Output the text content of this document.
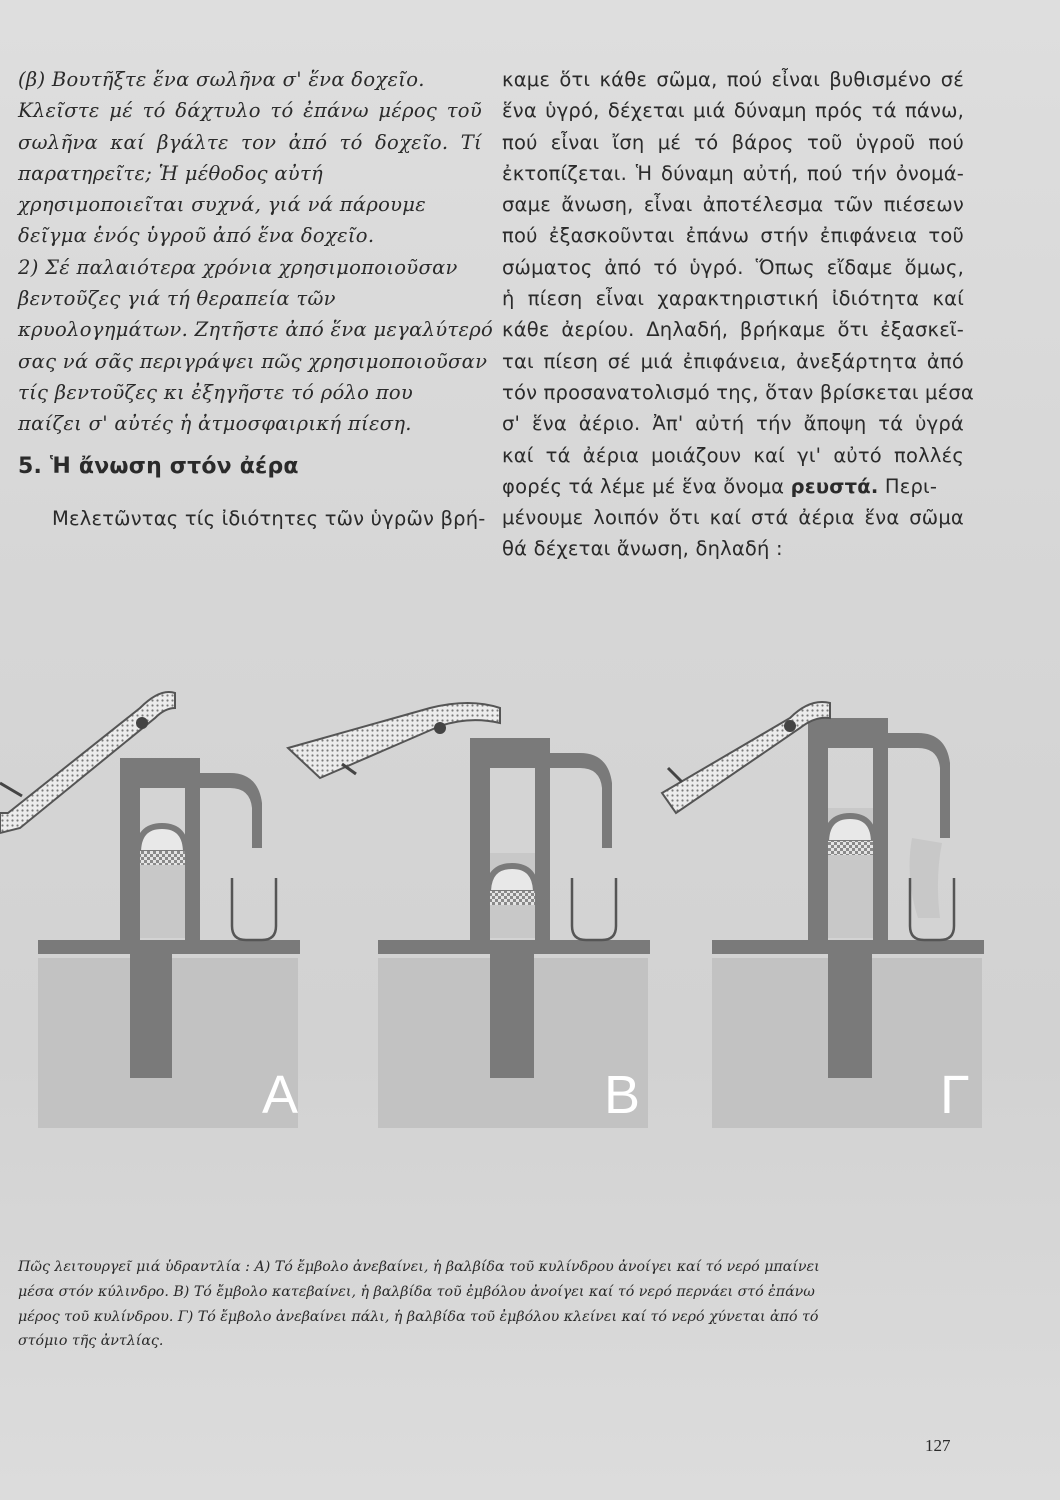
(β) Βουτῆξτε ἕνα σωλῆνα σ' ἕνα δοχεῖο.
Κλεῖστε μέ τό δάχτυλο τό ἐπάνω μέρος τοῦ
σωλῆνα καί βγάλτε τον ἀπό τό δοχεῖο. Τί
παρατηρεῖτε; Ἡ μέθοδος αὐτή
χρησιμοποιεῖται συχνά, γιά νά πάρουμε
δεῖγμα ἑνός ὑγροῦ ἀπό ἕνα δοχεῖο.
2) Σέ παλαιότερα χρόνια χρησιμοποιοῦσαν
βεντοῦζες γιά τή θεραπεία τῶν
κρυολογημάτων. Ζητῆστε ἀπό ἕνα μεγαλύτερό
σας νά σᾶς περιγράψει πῶς χρησιμοποιοῦσαν
τίς βεντοῦζες κι ἐξηγῆστε τό ρόλο που
παίζει σ' αὐτές ἡ ἀτμοσφαιρική πίεση.
5. Ἡ ἄνωση στόν ἀέρα
Μελετῶντας τίς ἰδιότητες τῶν ὑγρῶν βρή-
καμε ὅτι κάθε σῶμα, πού εἶναι βυθισμένο σέ
ἕνα ὑγρό, δέχεται μιά δύναμη πρός τά πάνω,
πού εἶναι ἴση μέ τό βάρος τοῦ ὑγροῦ πού
ἐκτοπίζεται. Ἡ δύναμη αὐτή, πού τήν ὀνομά-
σαμε ἄνωση, εἶναι ἀποτέλεσμα τῶν πιέσεων
πού ἐξασκοῦνται ἐπάνω στήν ἐπιφάνεια τοῦ
σώματος ἀπό τό ὑγρό. Ὅπως εἴδαμε ὅμως,
ἡ πίεση εἶναι χαρακτηριστική ἰδιότητα καί
κάθε ἀερίου. Δηλαδή, βρήκαμε ὅτι ἐξασκεῖ-
ται πίεση σέ μιά ἐπιφάνεια, ἀνεξάρτητα ἀπό
τόν προσανατολισμό της, ὅταν βρίσκεται μέσα
σ' ἕνα ἀέριο. Ἀπ' αὐτή τήν ἄποψη τά ὑγρά
καί τά ἀέρια μοιάζουν καί γι' αὐτό πολλές
φορές τά λέμε μέ ἕνα ὄνομα ρευστά. Περι-
μένουμε λοιπόν ὅτι καί στά ἀέρια ἕνα σῶμα
θά δέχεται ἄνωση, δηλαδή :
Α	Β	Γ
Πῶς λειτουργεῖ μιά ὑδραντλία : Α) Τό ἔμβολο ἀνεβαίνει, ἡ βαλβίδα τοῦ κυλίνδρου ἀνοίγει καί τό νερό μπαίνει
μέσα στόν κύλινδρο. Β) Τό ἔμβολο κατεβαίνει, ἡ βαλβίδα τοῦ ἐμβόλου ἀνοίγει καί τό νερό περνάει στό ἐπάνω
μέρος τοῦ κυλίνδρου. Γ) Τό ἔμβολο ἀνεβαίνει πάλι, ἡ βαλβίδα τοῦ ἐμβόλου κλείνει καί τό νερό χύνεται ἀπό τό
στόμιο τῆς ἀντλίας.
127
